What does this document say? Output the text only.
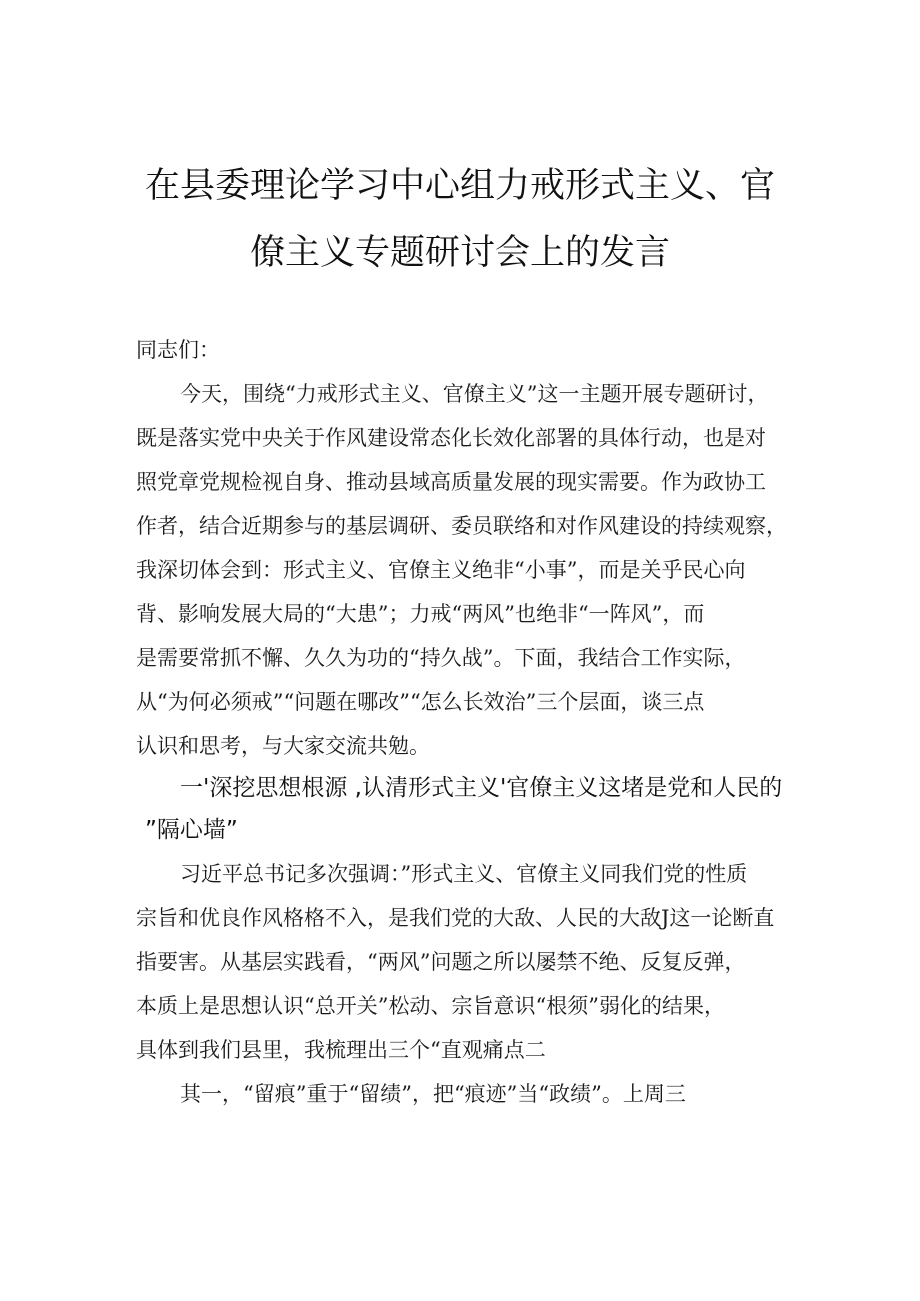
在县委理论学习中心组力戒形式主义、官
僚主义专题研讨会上的发言
同志们：
今天，围绕“力戒形式主义、官僚主义”这一主题开展专题研讨，
既是落实党中央关于作风建设常态化长效化部署的具体行动，也是对
照党章党规检视自身、推动县域高质量发展的现实需要。作为政协工
作者，结合近期参与的基层调研、委员联络和对作风建设的持续观察，
我深切体会到：形式主义、官僚主义绝非“小事”，而是关乎民心向
背、影响发展大局的“大患”；力戒“两风”也绝非“一阵风”，而
是需要常抓不懈、久久为功的“持久战”。下面，我结合工作实际，
从“为何必须戒”“问题在哪改”“怎么长效治”三个层面，谈三点
认识和思考，与大家交流共勉。
一'深挖思想根源 ,认清形式主义'官僚主义这堵是党和人民的
”隔心墙”
习近平总书记多次强调：”形式主义、官僚主义同我们党的性质
宗旨和优良作风格格不入，是我们党的大敌、人民的大敌J这一论断直
指要害。从基层实践看，“两风”问题之所以屡禁不绝、反复反弹，
本质上是思想认识“总开关”松动、宗旨意识“根须”弱化的结果，
具体到我们县里，我梳理出三个“直观痛点二
其一，“留痕”重于“留绩”，把“痕迹”当“政绩”。上周三
